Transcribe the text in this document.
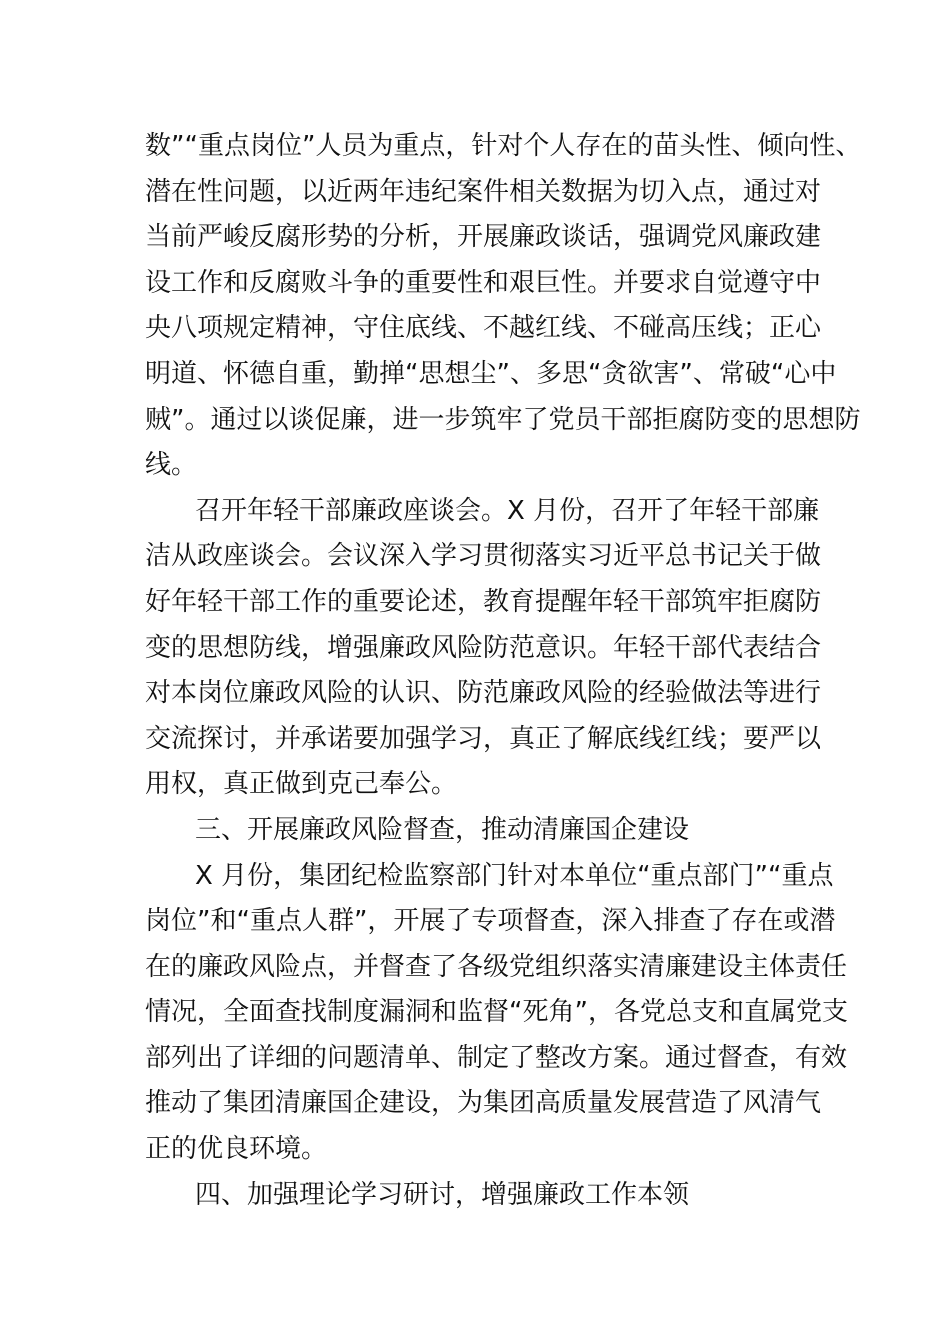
数”“重点岗位”人员为重点，针对个人存在的苗头性、倾向性、
潜在性问题，以近两年违纪案件相关数据为切入点，通过对
当前严峻反腐形势的分析，开展廉政谈话，强调党风廉政建
设工作和反腐败斗争的重要性和艰巨性。并要求自觉遵守中
央八项规定精神，守住底线、不越红线、不碰高压线；正心
明道、怀德自重，勤掸“思想尘”、多思“贪欲害”、常破“心中
贼”。通过以谈促廉，进一步筑牢了党员干部拒腐防变的思想防
线。
召开年轻干部廉政座谈会。X 月份，召开了年轻干部廉
洁从政座谈会。会议深入学习贯彻落实习近平总书记关于做
好年轻干部工作的重要论述，教育提醒年轻干部筑牢拒腐防
变的思想防线，增强廉政风险防范意识。年轻干部代表结合
对本岗位廉政风险的认识、防范廉政风险的经验做法等进行
交流探讨，并承诺要加强学习，真正了解底线红线；要严以
用权，真正做到克己奉公。
三、开展廉政风险督查，推动清廉国企建设
X 月份，集团纪检监察部门针对本单位“重点部门”“重点
岗位”和“重点人群”，开展了专项督查，深入排查了存在或潜
在的廉政风险点，并督查了各级党组织落实清廉建设主体责任
情况，全面查找制度漏洞和监督“死角”，各党总支和直属党支
部列出了详细的问题清单、制定了整改方案。通过督查，有效
推动了集团清廉国企建设，为集团高质量发展营造了风清气
正的优良环境。
四、加强理论学习研讨，增强廉政工作本领
